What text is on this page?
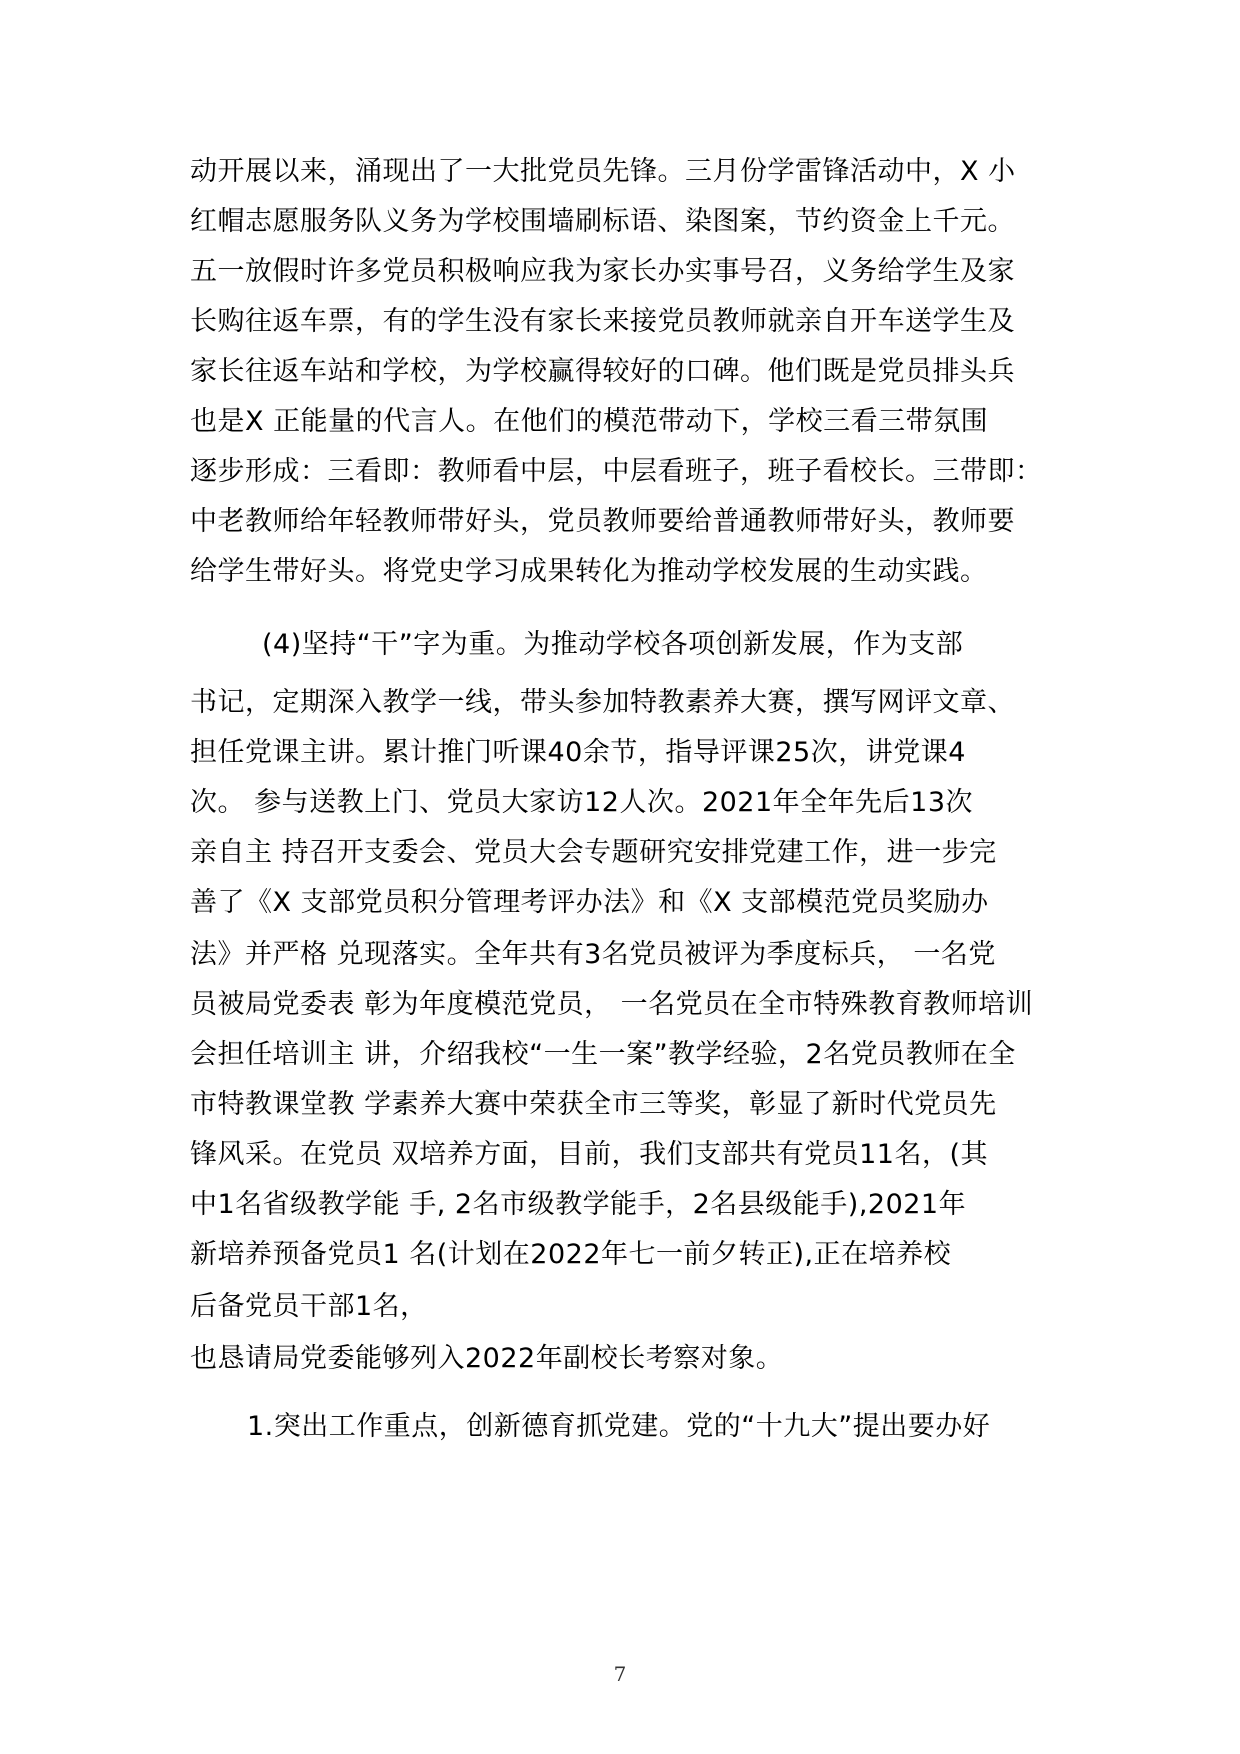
动开展以来，涌现出了一大批党员先锋。三月份学雷锋活动中，X 小
红帽志愿服务队义务为学校围墙刷标语、染图案，节约资金上千元。
五一放假时许多党员积极响应我为家长办实事号召，义务给学生及家
长购往返车票，有的学生没有家长来接党员教师就亲自开车送学生及
家长往返车站和学校，为学校赢得较好的口碑。他们既是党员排头兵
也是X 正能量的代言人。在他们的模范带动下，学校三看三带氛围
逐步形成：三看即：教师看中层，中层看班子，班子看校长。三带即：
中老教师给年轻教师带好头，党员教师要给普通教师带好头，教师要
给学生带好头。将党史学习成果转化为推动学校发展的生动实践。
(4)坚持“干”字为重。为推动学校各项创新发展，作为支部
书记，定期深入教学一线，带头参加特教素养大赛，撰写网评文章、
担任党课主讲。累计推门听课40余节，指导评课25次，讲党课4
次。 参与送教上门、党员大家访12人次。2021年全年先后13次
亲自主 持召开支委会、党员大会专题研究安排党建工作，进一步完
善了《X 支部党员积分管理考评办法》和《X 支部模范党员奖励办
法》并严格 兑现落实。全年共有3名党员被评为季度标兵， 一名党
员被局党委表 彰为年度模范党员， 一名党员在全市特殊教育教师培训
会担任培训主 讲，介绍我校“一生一案”教学经验，2名党员教师在全
市特教课堂教 学素养大赛中荣获全市三等奖，彰显了新时代党员先
锋风采。在党员 双培养方面，目前，我们支部共有党员11名，(其
中1名省级教学能 手, 2名市级教学能手，2名县级能手),2021年
新培养预备党员1 名(计划在2022年七一前夕转正),正在培养校
后备党员干部1名，
也恳请局党委能够列入2022年副校长考察对象。
1.突出工作重点，创新德育抓党建。党的“十九大”提出要办好
7
